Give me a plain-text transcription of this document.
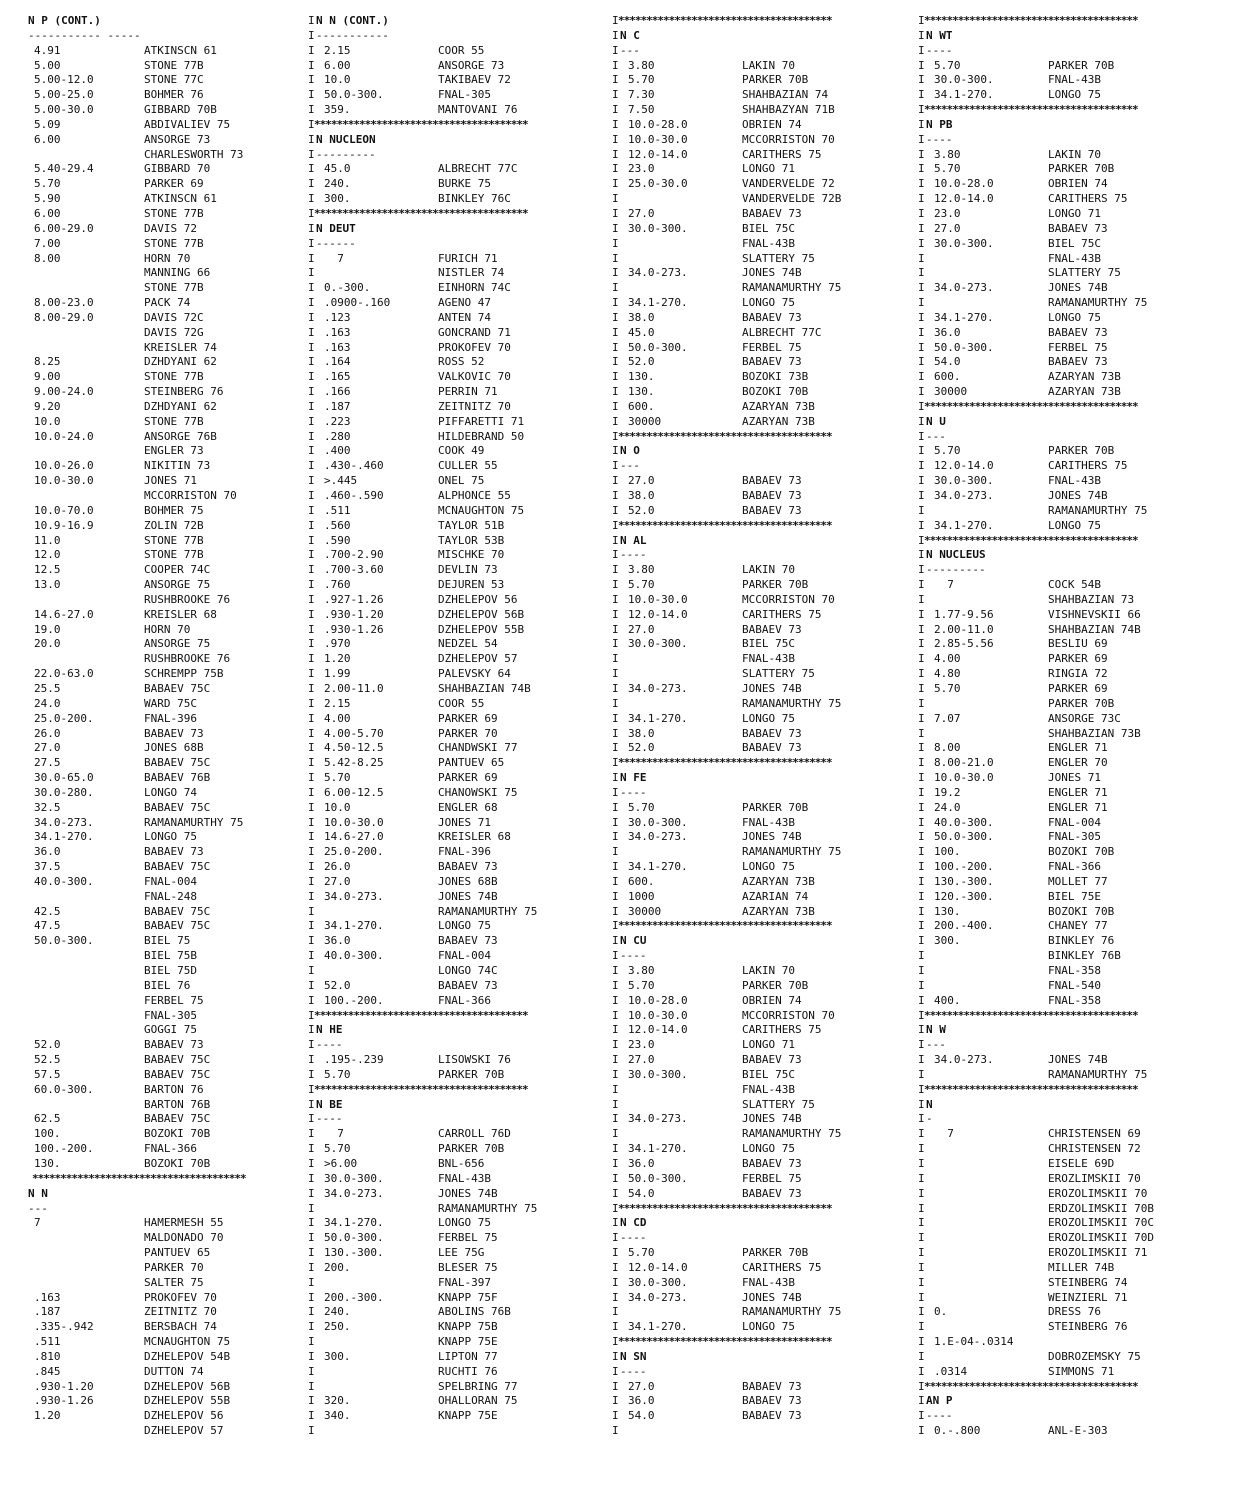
N P (CONT.)
----------- -----
4.91	ATKINSCN 61
5.00	STONE 77B
5.00-12.0	STONE 77C
5.00-25.0	BOHMER 76
5.00-30.0	GIBBARD 70B
5.09	ABDIVALIEV 75
6.00	ANSORGE 73
CHARLESWORTH 73
5.40-29.4	GIBBARD 70
5.70	PARKER 69
5.90	ATKINSCN 61
6.00	STONE 77B
6.00-29.0	DAVIS 72
7.00	STONE 77B
8.00	HORN 70
MANNING 66
STONE 77B
8.00-23.0	PACK 74
8.00-29.0	DAVIS 72C
DAVIS 72G
KREISLER 74
8.25	DZHDYANI 62
9.00	STONE 77B
9.00-24.0	STEINBERG 76
9.20	DZHDYANI 62
10.0	STONE 77B
10.0-24.0	ANSORGE 76B
ENGLER 73
10.0-26.0	NIKITIN 73
10.0-30.0	JONES 71
MCCORRISTON 70
10.0-70.0	BOHMER 75
10.9-16.9	ZOLIN 72B
11.0	STONE 77B
12.0	STONE 77B
12.5	COOPER 74C
13.0	ANSORGE 75
RUSHBROOKE 76
14.6-27.0	KREISLER 68
19.0	HORN 70
20.0	ANSORGE 75
RUSHBROOKE 76
22.0-63.0	SCHREMPP 75B
25.5	BABAEV 75C
24.0	WARD 75C
25.0-200.	FNAL-396
26.0	BABAEV 73
27.0	JONES 68B
27.5	BABAEV 75C
30.0-65.0	BABAEV 76B
30.0-280.	LONGO 74
32.5	BABAEV 75C
34.0-273.	RAMANAMURTHY 75
34.1-270.	LONGO 75
36.0	BABAEV 73
37.5	BABAEV 75C
40.0-300.	FNAL-004
FNAL-248
42.5	BABAEV 75C
47.5	BABAEV 75C
50.0-300.	BIEL 75
BIEL 75B
BIEL 75D
BIEL 76
FERBEL 75
FNAL-305
GOGGI 75
52.0	BABAEV 73
52.5	BABAEV 75C
57.5	BABAEV 75C
60.0-300.	BARTON 76
BARTON 76B
62.5	BABAEV 75C
100.	BOZOKI 70B
100.-200.	FNAL-366
130.	BOZOKI 70B
**************************************
N N
---
7	HAMERMESH 55
MALDONADO 70
PANTUEV 65
PARKER 70
SALTER 75
.163	PROKOFEV 70
.187	ZEITNITZ 70
.335-.942	BERSBACH 74
.511	MCNAUGHTON 75
.810	DZHELEPOV 54B
.845	DUTTON 74
.930-1.20	DZHELEPOV 56B
.930-1.26	DZHELEPOV 55B
1.20	DZHELEPOV 56
DZHELEPOV 57
I N N (CONT.)
I -----------
I 2.15	COOR 55
I 6.00	ANSORGE 73
I 10.0	TAKIBAEV 72
I 50.0-300.	FNAL-305
I 359.	MANTOVANI 76
I **************************************
I N NUCLEON
I ---------
I 45.0	ALBRECHT 77C
I 240.	BURKE 75
I 300.	BINKLEY 76C
I **************************************
I N DEUT
I ------
I 7	FURICH 71
I	NISTLER 74
I 0.-300.	EINHORN 74C
I .0900-.160	AGENO 47
I .123	ANTEN 74
I .163	GONCRAND 71
I .163	PROKOFEV 70
I .164	ROSS 52
I .165	VALKOVIC 70
I .166	PERRIN 71
I .187	ZEITNITZ 70
I .223	PIFFARETTI 71
I .280	HILDEBRAND 50
I .400	COOK 49
I .430-.460	CULLER 55
I >.445	ONEL 75
I .460-.590	ALPHONCE 55
I .511	MCNAUGHTON 75
I .560	TAYLOR 51B
I .590	TAYLOR 53B
I .700-2.90	MISCHKE 70
I .700-3.60	DEVLIN 73
I .760	DEJUREN 53
I .927-1.26	DZHELEPOV 56
I .930-1.20	DZHELEPOV 56B
I .930-1.26	DZHELEPOV 55B
I .970	NEDZEL 54
I 1.20	DZHELEPOV 57
I 1.99	PALEVSKY 64
I 2.00-11.0	SHAHBAZIAN 74B
I 2.15	COOR 55
I 4.00	PARKER 69
I 4.00-5.70	PARKER 70
I 4.50-12.5	CHANDWSKI 77
I 5.42-8.25	PANTUEV 65
I 5.70	PARKER 69
I 6.00-12.5	CHANOWSKI 75
I 10.0	ENGLER 68
I 10.0-30.0	JONES 71
I 14.6-27.0	KREISLER 68
I 25.0-200.	FNAL-396
I 26.0	BABAEV 73
I 27.0	JONES 68B
I 34.0-273.	JONES 74B
I	RAMANAMURTHY 75
I 34.1-270.	LONGO 75
I 36.0	BABAEV 73
I 40.0-300.	FNAL-004
I	LONGO 74C
I 52.0	BABAEV 73
I 100.-200.	FNAL-366
I **************************************
I N HE
I ----
I .195-.239	LISOWSKI 76
I 5.70	PARKER 70B
I **************************************
I N BE
I ----
I 7	CARROLL 76D
I 5.70	PARKER 70B
I >6.00	BNL-656
I 30.0-300.	FNAL-43B
I 34.0-273.	JONES 74B
I	RAMANAMURTHY 75
I 34.1-270.	LONGO 75
I 50.0-300.	FERBEL 75
I 130.-300.	LEE 75G
I 200.	BLESER 75
I	FNAL-397
I 200.-300.	KNAPP 75F
I 240.	ABOLINS 76B
I 250.	KNAPP 75B
I	KNAPP 75E
I 300.	LIPTON 77
I	RUCHTI 76
I	SPELBRING 77
I 320.	OHALLORAN 75
I 340.	KNAPP 75E
I
I **************************************
I N C
I ---
I 3.80	LAKIN 70
I 5.70	PARKER 70B
I 7.30	SHAHBAZIAN 74
I 7.50	SHAHBAZYAN 71B
I 10.0-28.0	OBRIEN 74
I 10.0-30.0	MCCORRISTON 70
I 12.0-14.0	CARITHERS 75
I 23.0	LONGO 71
I 25.0-30.0	VANDERVELDE 72
I	VANDERVELDE 72B
I 27.0	BABAEV 73
I 30.0-300.	BIEL 75C
I	FNAL-43B
I	SLATTERY 75
I 34.0-273.	JONES 74B
I	RAMANAMURTHY 75
I 34.1-270.	LONGO 75
I 38.0	BABAEV 73
I 45.0	ALBRECHT 77C
I 50.0-300.	FERBEL 75
I 52.0	BABAEV 73
I 130.	BOZOKI 73B
I 130.	BOZOKI 70B
I 600.	AZARYAN 73B
I 30000	AZARYAN 73B
I **************************************
I N O
I ---
I 27.0	BABAEV 73
I 38.0	BABAEV 73
I 52.0	BABAEV 73
I **************************************
I N AL
I ----
I 3.80	LAKIN 70
I 5.70	PARKER 70B
I 10.0-30.0	MCCORRISTON 70
I 12.0-14.0	CARITHERS 75
I 27.0	BABAEV 73
I 30.0-300.	BIEL 75C
I	FNAL-43B
I	SLATTERY 75
I 34.0-273.	JONES 74B
I	RAMANAMURTHY 75
I 34.1-270.	LONGO 75
I 38.0	BABAEV 73
I 52.0	BABAEV 73
I **************************************
I N FE
I ----
I 5.70	PARKER 70B
I 30.0-300.	FNAL-43B
I 34.0-273.	JONES 74B
I	RAMANAMURTHY 75
I 34.1-270.	LONGO 75
I 600.	AZARYAN 73B
I 1000	AZARIAN 74
I 30000	AZARYAN 73B
I **************************************
I N CU
I ----
I 3.80	LAKIN 70
I 5.70	PARKER 70B
I 10.0-28.0	OBRIEN 74
I 10.0-30.0	MCCORRISTON 70
I 12.0-14.0	CARITHERS 75
I 23.0	LONGO 71
I 27.0	BABAEV 73
I 30.0-300.	BIEL 75C
I	FNAL-43B
I	SLATTERY 75
I 34.0-273.	JONES 74B
I	RAMANAMURTHY 75
I 34.1-270.	LONGO 75
I 36.0	BABAEV 73
I 50.0-300.	FERBEL 75
I 54.0	BABAEV 73
I **************************************
I N CD
I ----
I 5.70	PARKER 70B
I 12.0-14.0	CARITHERS 75
I 30.0-300.	FNAL-43B
I 34.0-273.	JONES 74B
I	RAMANAMURTHY 75
I 34.1-270.	LONGO 75
I **************************************
I N SN
I ----
I 27.0	BABAEV 73
I 36.0	BABAEV 73
I 54.0	BABAEV 73
I
I **************************************
I N WT
I ----
I 5.70	PARKER 70B
I 30.0-300.	FNAL-43B
I 34.1-270.	LONGO 75
I **************************************
I N PB
I ----
I 3.80	LAKIN 70
I 5.70	PARKER 70B
I 10.0-28.0	OBRIEN 74
I 12.0-14.0	CARITHERS 75
I 23.0	LONGO 71
I 27.0	BABAEV 73
I 30.0-300.	BIEL 75C
I	FNAL-43B
I	SLATTERY 75
I 34.0-273.	JONES 74B
I	RAMANAMURTHY 75
I 34.1-270.	LONGO 75
I 36.0	BABAEV 73
I 50.0-300.	FERBEL 75
I 54.0	BABAEV 73
I 600.	AZARYAN 73B
I 30000	AZARYAN 73B
I **************************************
I N U
I ---
I 5.70	PARKER 70B
I 12.0-14.0	CARITHERS 75
I 30.0-300.	FNAL-43B
I 34.0-273.	JONES 74B
I	RAMANAMURTHY 75
I 34.1-270.	LONGO 75
I **************************************
I N NUCLEUS
I ---------
I 7	COCK 54B
I	SHAHBAZIAN 73
I 1.77-9.56	VISHNEVSKII 66
I 2.00-11.0	SHAHBAZIAN 74B
I 2.85-5.56	BESLIU 69
I 4.00	PARKER 69
I 4.80	RINGIA 72
I 5.70	PARKER 69
I	PARKER 70B
I 7.07	ANSORGE 73C
I	SHAHBAZIAN 73B
I 8.00	ENGLER 71
I 8.00-21.0	ENGLER 70
I 10.0-30.0	JONES 71
I 19.2	ENGLER 71
I 24.0	ENGLER 71
I 40.0-300.	FNAL-004
I 50.0-300.	FNAL-305
I 100.	BOZOKI 70B
I 100.-200.	FNAL-366
I 130.-300.	MOLLET 77
I 120.-300.	BIEL 75E
I 130.	BOZOKI 70B
I 200.-400.	CHANEY 77
I 300.	BINKLEY 76
I	BINKLEY 76B
I	FNAL-358
I	FNAL-540
I 400.	FNAL-358
I **************************************
I N W
I ---
I 34.0-273.	JONES 74B
I	RAMANAMURTHY 75
I **************************************
I N
I -
I 7	CHRISTENSEN 69
I	CHRISTENSEN 72
I	EISELE 69D
I	EROZLIMSKII 70
I	EROZOLIMSKII 70
I	ERDZOLIMSKII 70B
I	EROZOLIMSKII 70C
I	EROZOLIMSKII 70D
I	EROZOLIMSKII 71
I	MILLER 74B
I	STEINBERG 74
I	WEINZIERL 71
I 0.	DRESS 76
I	STEINBERG 76
I 1.E-04-.0314
I	DOBROZEMSKY 75
I .0314	SIMMONS 71
I **************************************
I AN P
I ----
I 0.-.800	ANL-E-303
